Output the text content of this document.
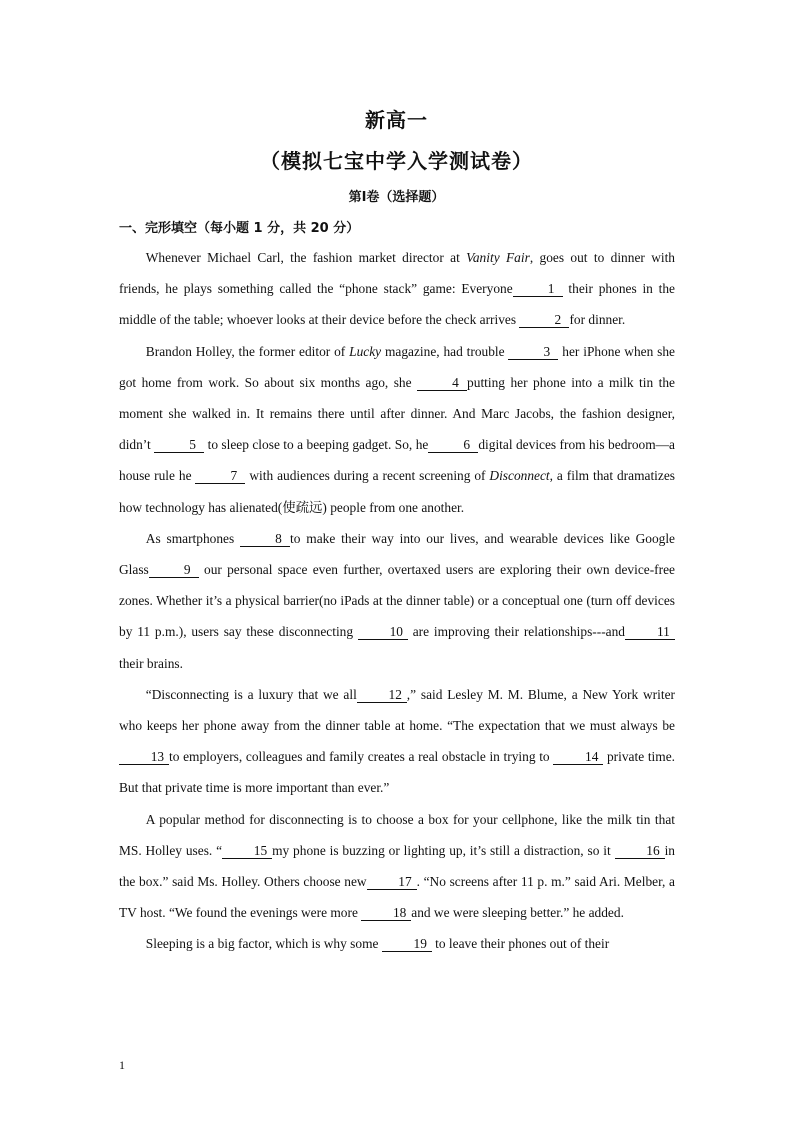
新高一
（模拟七宝中学入学测试卷）
第Ⅰ卷（选择题）
一、完形填空（每小题 1 分，共 20 分）

Whenever Michael Carl, the fashion market director at Vanity Fair, goes out to dinner with friends, he plays something called the “phone stack” game: Everyone	1 their phones in the middle of the table; whoever looks at their device before the check arrives	2 for dinner.

Brandon Holley, the former editor of Lucky magazine, had trouble	3 her iPhone when she got home from work. So about six months ago, she	4 putting her phone into a milk tin the moment she walked in. It remains there until after dinner. And Marc Jacobs, the fashion designer, didn’t	5 to sleep close to a beeping gadget. So, he	6 digital devices from his bedroom—a house rule he	7 with audiences during a recent screening of Disconnect, a film that dramatizes how technology has alienated(使疏远) people from one another.

As smartphones	8 to make their way into our lives, and wearable devices like Google Glass	9 our personal space even further, overtaxed users are exploring their own device-free zones. Whether it’s a physical barrier(no iPads at the dinner table) or a conceptual one (turn off devices by 11 p.m.), users say these disconnecting 10 are improving their relationships---and 11their brains.

“Disconnecting is a luxury that we all 12 ,” said Lesley M. M. Blume, a New York writer who keeps her phone away from the dinner table at home. “The expectation that we must always be13 to employers, colleagues and family creates a real obstacle in trying to 14 private time. But that private time is more important than ever.”

A popular method for disconnecting is to choose a box for your cellphone, like the milk tin that MS. Holley uses. “ 15 my phone is buzzing or lighting up, it’s still a distraction, so it 16 in the box.” said Ms. Holley. Others choose new 17 . “No screens after 11 p. m.” said Ari. Melber, a TV host. “We found the evenings were more 18 and we were sleeping better.” he added.

Sleeping is a big factor, which is why some 19 to leave their phones out of their

1
